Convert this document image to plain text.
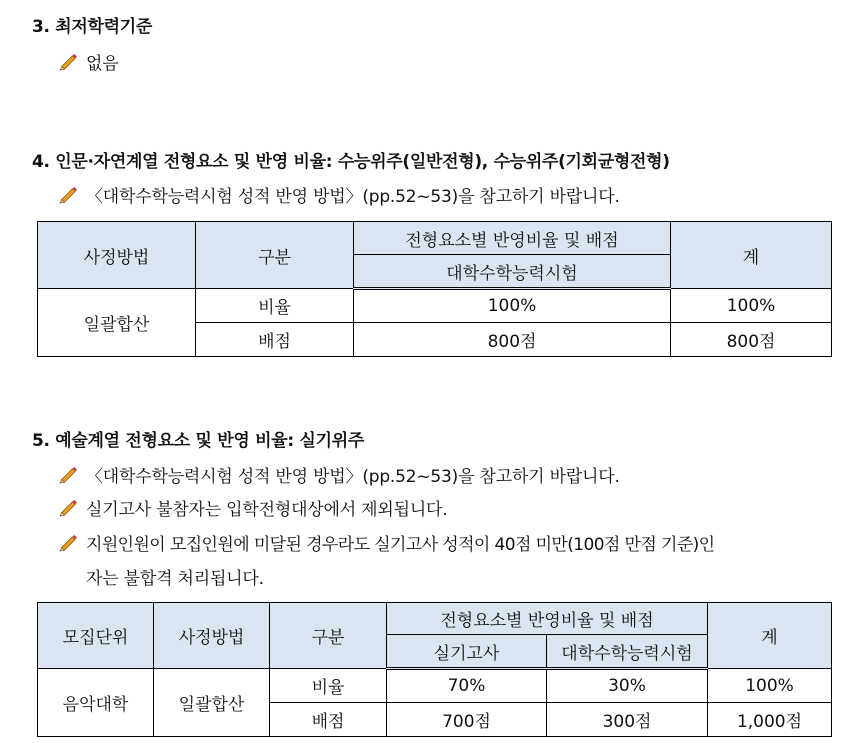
3. 최저학력기준
없음
4. 인문·자연계열 전형요소 및 반영 비율: 수능위주(일반전형), 수능위주(기회균형전형)
〈대학수학능력시험 성적 반영 방법〉(pp.52~53)을 참고하기 바랍니다.
사정방법	구분	전형요소별 반영비율 및 배점	계
		대학수학능력시험	
일괄합산	비율	100%	100%
	배점	800점	800점
5. 예술계열 전형요소 및 반영 비율: 실기위주
〈대학수학능력시험 성적 반영 방법〉(pp.52~53)을 참고하기 바랍니다.
실기고사 불참자는 입학전형대상에서 제외됩니다.
지원인원이 모집인원에 미달된 경우라도 실기고사 성적이 40점 미만(100점 만점 기준)인
자는 불합격 처리됩니다.
모집단위	사정방법	구분	전형요소별 반영비율 및 배점		계
			실기고사	대학수학능력시험	
음악대학	일괄합산	비율	70%	30%	100%
		배점	700점	300점	1,000점
